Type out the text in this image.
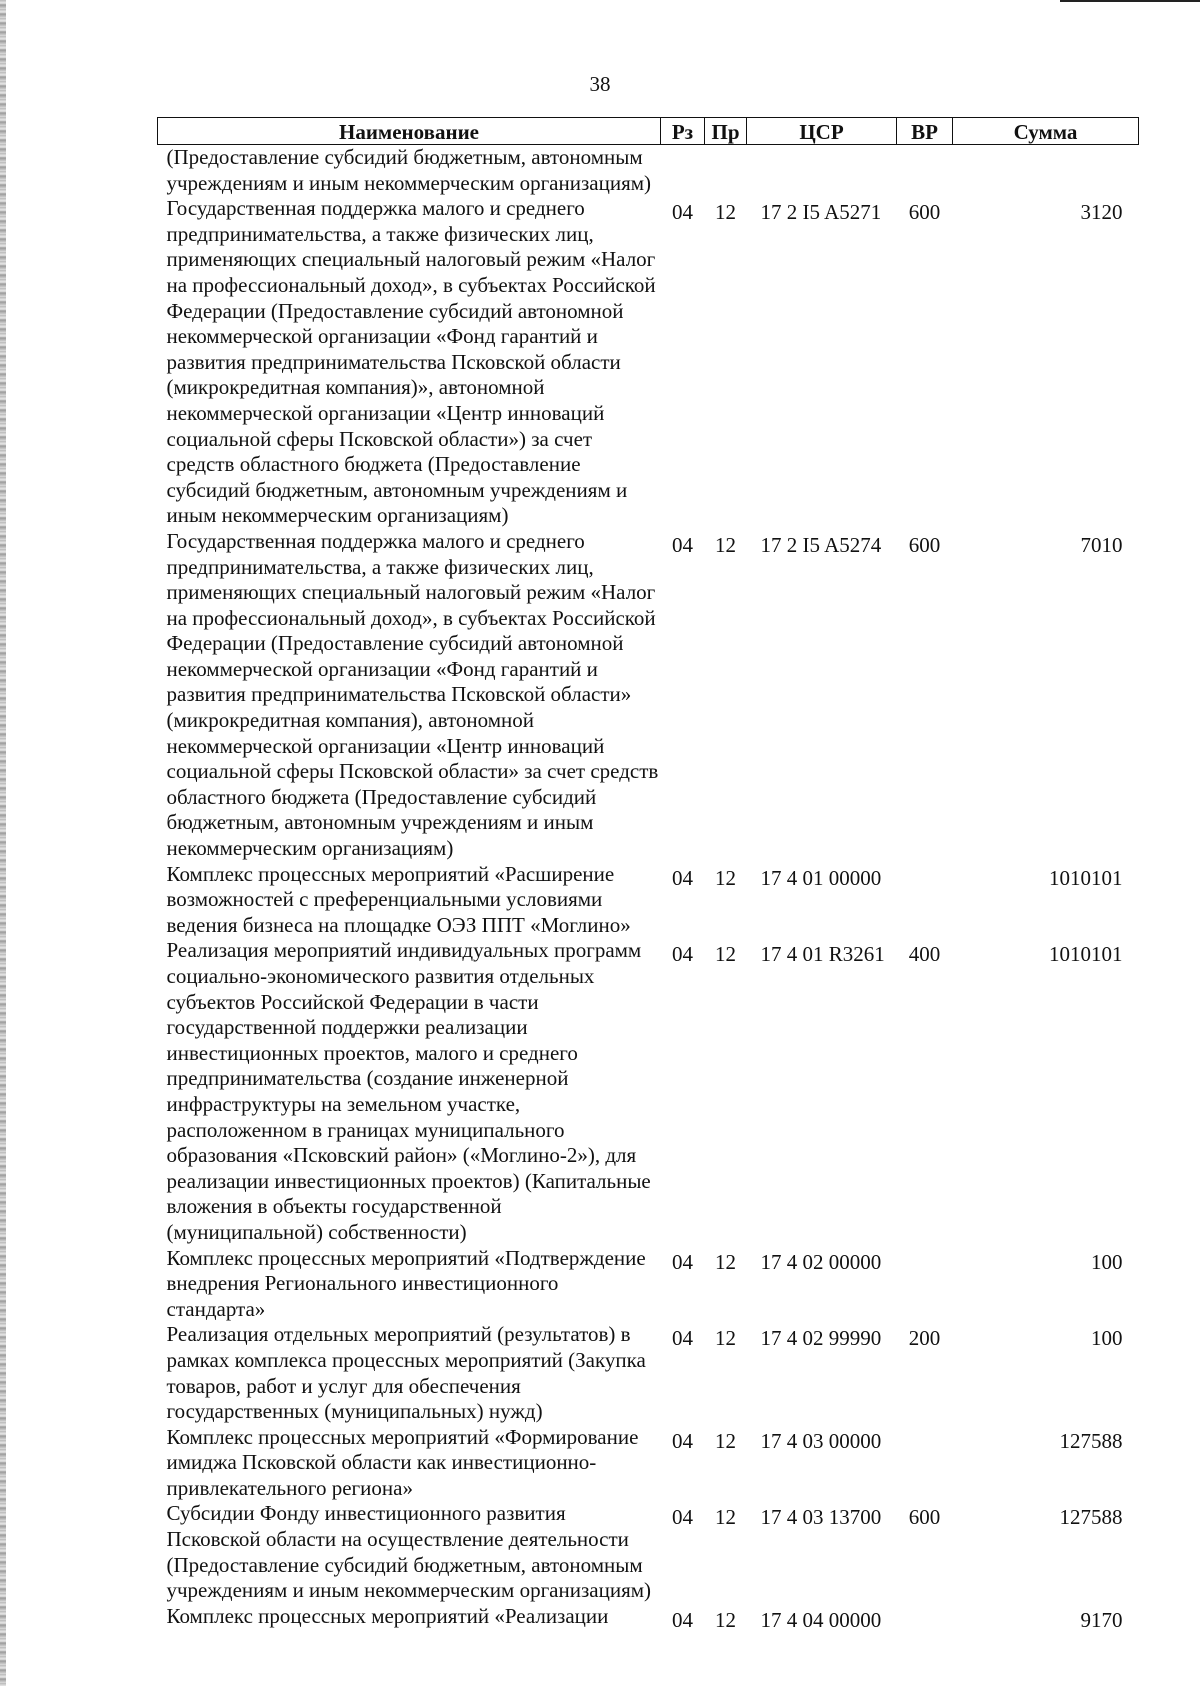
38
Наименование	Рз	Пр	ЦСР	ВР	Сумма
(Предоставление субсидий бюджетным, автономным учреждениям и иным некоммерческим организациям)					
Государственная поддержка малого и среднего предпринимательства, а также физических лиц, применяющих специальный налоговый режим «Налог на профессиональный доход», в субъектах Российской Федерации (Предоставление субсидий автономной некоммерческой организации «Фонд гарантий и развития предпринимательства Псковской области (микрокредитная компания)», автономной некоммерческой организации «Центр инноваций социальной сферы Псковской области») за счет средств областного бюджета (Предоставление субсидий бюджетным, автономным учреждениям и иным некоммерческим организациям)	04	12	17 2 I5 A5271	600	3120
Государственная поддержка малого и среднего предпринимательства, а также физических лиц, применяющих специальный налоговый режим «Налог на профессиональный доход», в субъектах Российской Федерации (Предоставление субсидий автономной некоммерческой организации «Фонд гарантий и развития предпринимательства Псковской области» (микрокредитная компания), автономной некоммерческой организации «Центр инноваций социальной сферы Псковской области» за счет средств областного бюджета (Предоставление субсидий бюджетным, автономным учреждениям и иным некоммерческим организациям)	04	12	17 2 I5 A5274	600	7010
Комплекс процессных мероприятий «Расширение возможностей с преференциальными условиями ведения бизнеса на площадке ОЭЗ ППТ «Моглино»	04	12	17 4 01 00000		1010101
Реализация мероприятий индивидуальных программ социально-экономического развития отдельных субъектов Российской Федерации в части государственной поддержки реализации инвестиционных проектов, малого и среднего предпринимательства (создание инженерной инфраструктуры на земельном участке, расположенном в границах муниципального образования «Псковский район» («Моглино-2»), для реализации инвестиционных проектов) (Капитальные вложения в объекты государственной (муниципальной) собственности)	04	12	17 4 01 R3261	400	1010101
Комплекс процессных мероприятий «Подтверждение внедрения Регионального инвестиционного стандарта»	04	12	17 4 02 00000		100
Реализация отдельных мероприятий (результатов) в рамках комплекса процессных мероприятий (Закупка товаров, работ и услуг для обеспечения государственных (муниципальных) нужд)	04	12	17 4 02 99990	200	100
Комплекс процессных мероприятий «Формирование имиджа Псковской области как инвестиционно-привлекательного региона»	04	12	17 4 03 00000		127588
Субсидии Фонду инвестиционного развития Псковской области на осуществление деятельности (Предоставление субсидий бюджетным, автономным учреждениям и иным некоммерческим организациям)	04	12	17 4 03 13700	600	127588
Комплекс процессных мероприятий «Реализации	04	12	17 4 04 00000		9170
